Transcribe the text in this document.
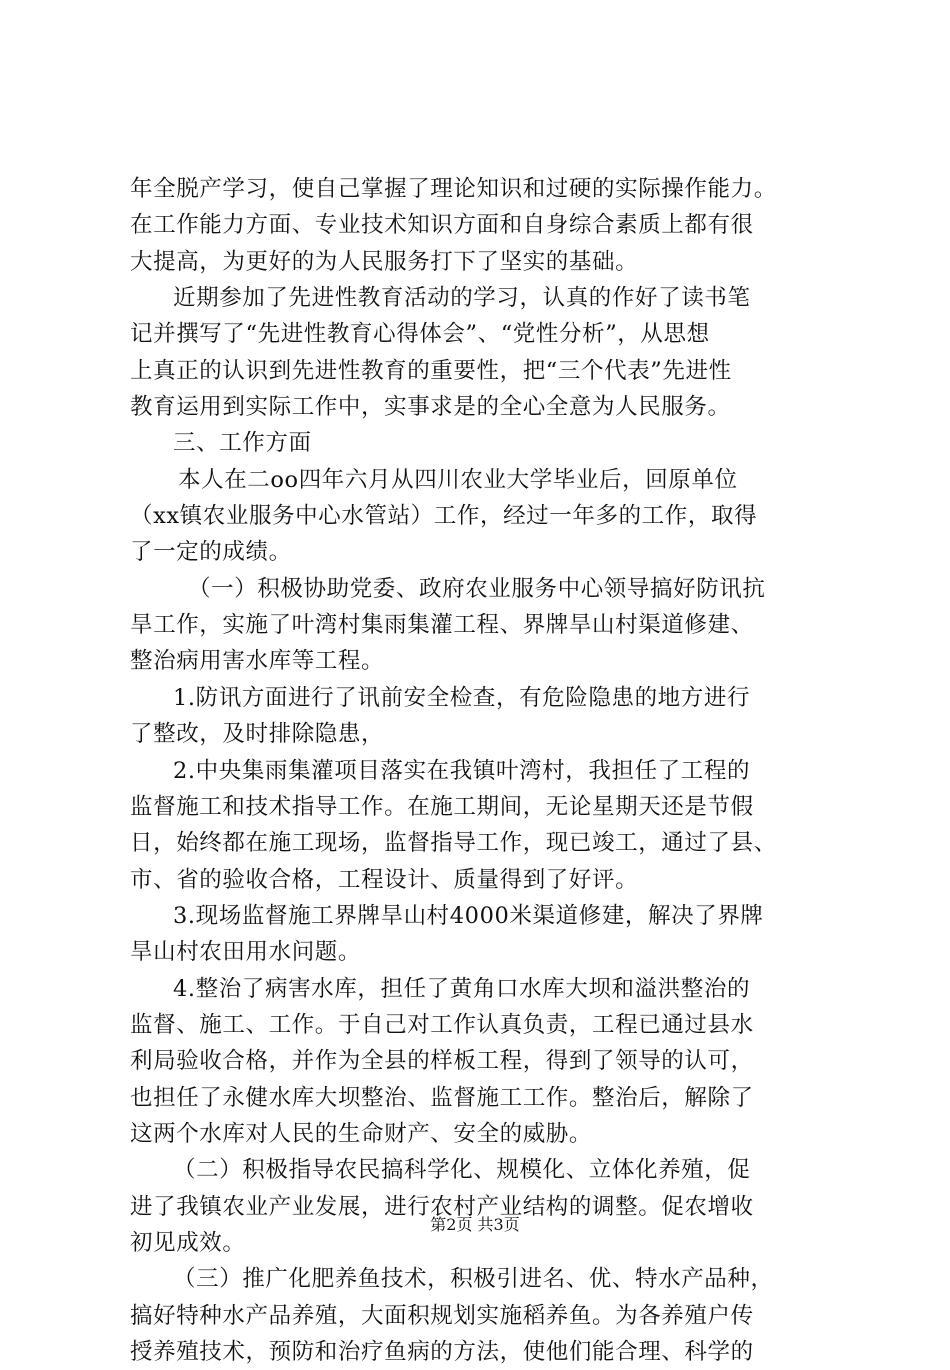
年全脱产学习，使自己掌握了理论知识和过硬的实际操作能力。
在工作能力方面、专业技术知识方面和自身综合素质上都有很
大提高，为更好的为人民服务打下了坚实的基础。
近期参加了先进性教育活动的学习，认真的作好了读书笔
记并撰写了“先进性教育心得体会”、“党性分析”，从思想
上真正的认识到先进性教育的重要性，把“三个代表”先进性
教育运用到实际工作中，实事求是的全心全意为人民服务。
三、工作方面
本人在二oo四年六月从四川农业大学毕业后，回原单位
（xx镇农业服务中心水管站）工作，经过一年多的工作，取得
了一定的成绩。
（一）积极协助党委、政府农业服务中心领导搞好防讯抗
旱工作，实施了叶湾村集雨集灌工程、界牌旱山村渠道修建、
整治病用害水库等工程。
1.防讯方面进行了讯前安全检查，有危险隐患的地方进行
了整改，及时排除隐患，
2.中央集雨集灌项目落实在我镇叶湾村，我担任了工程的
监督施工和技术指导工作。在施工期间，无论星期天还是节假
日，始终都在施工现场，监督指导工作，现已竣工，通过了县、
市、省的验收合格，工程设计、质量得到了好评。
3.现场监督施工界牌旱山村4000米渠道修建，解决了界牌
旱山村农田用水问题。
4.整治了病害水库，担任了黄角口水库大坝和溢洪整治的
监督、施工、工作。于自己对工作认真负责，工程已通过县水
利局验收合格，并作为全县的样板工程，得到了领导的认可，
也担任了永健水库大坝整治、监督施工工作。整治后，解除了
这两个水库对人民的生命财产、安全的威胁。
（二）积极指导农民搞科学化、规模化、立体化养殖，促
进了我镇农业产业发展，进行农村产业结构的调整。促农增收
初见成效。
（三）推广化肥养鱼技术，积极引进名、优、特水产品种，
搞好特种水产品养殖，大面积规划实施稻养鱼。为各养殖户传
授养殖技术，预防和治疗鱼病的方法，使他们能合理、科学的
第2页 共3页
